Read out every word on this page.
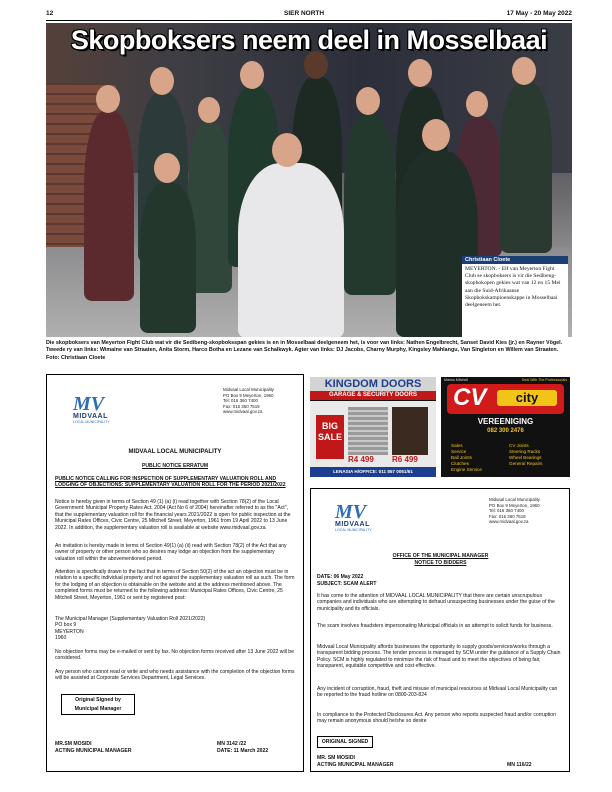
12	SIER NORTH	17 May - 20 May 2022
Skopboksers neem deel in Mosselbaai
Christiaan Cloete
MEYERTON. - Elf van Meyerton Fight Club se skopboksers is vir die Sedibeng-skopbokopen gekies wat van 12 en 15 Mei aan die Suid-Afrikaanse Skopbokskampioenskappe in Mosselbaai deelgeneem het.
Die skopboksers van Meyerton Fight Club wat vir die Sedibeng-skopboksspan gekies is en in Mosselbaai deelgeneem het, is voor van links: Nathen Engelbrecht, Sanset David Kies (jr.) en Rayner Vögel. Tweede ry van links: Wimaine van Straaten, Anita Storm, Harco Botha en Lezane van Schalkwyk. Agter van links: DJ Jacobs, Charny Murphy, Kingsley Mahlangu, Van Singleton en Willem van Straaten. Foto: Christiaan Cloete
MV
MIDVAAL
LOCAL MUNICIPALITY
Midvaal Local Municipality
PO Box 9 Meyerton, 1960
Tel: 016 360 7400
Fax: 016 360 7519
www.midvaal.gov.za
MIDVAAL LOCAL MUNICIPALITY
PUBLIC NOTICE ERRATUM
PUBLIC NOTICE CALLING FOR INSPECTION OF SUPPLEMENTARY VALUATION ROLL AND LODGING OF OBJECTIONS: SUPPLEMENTARY VALUATION ROLL FOR THE PERIOD 2021/2022
Notice is hereby given in terms of Section 49 (1) (a) (i) read together with Section 78(2) of the Local Government: Municipal Property Rates Act, 2004 (Act No 6 of 2004) hereinafter referred to as the "Act", that the supplementary valuation roll for the financial years 2021/2022 is open for public inspection at the Municipal Rates Offices, Civic Centre, 25 Mitchell Street, Meyerton, 1961 from 19 April 2022 to 13 June 2022. In addition, the supplementary valuation roll is available at website www.midvaal.gov.za
An invitation is hereby made in terms of Section 49(1) (a) (ii) read with Section 78(2) of the Act that any owner of property or other person who so desires may lodge an objection from the supplementary valuation roll within the abovementioned period.
Attention is specifically drawn to the fact that in terms of Section 50(2) of the act an objection must be in relation to a specific individual property and not against the supplementary valuation roll as such. The form for the lodging of an objection is obtainable on the website and at the address mentioned above. The completed forms must be returned to the following address: Municipal Rates Offices, Civic Centre, 25 Mitchell Street, Meyerton, 1961 or sent by registered post:
The Municipal Manager (Supplementary Valuation Roll 2021/2022)
PO box 9
MEYERTON
1960
No objection forms may be e-mailed or sent by fax. No objection forms received after 13 June 2022 will be considered.
Any person who cannot read or write and who needs assistance with the completion of the objection forms will be assisted at Corporate Services Department, Legal Services.
Original Signed by
Municipal Manager
MR.SM MOSIDI
ACTING MUNICIPAL MANAGER
MN 3142 /22
DATE: 11 March 2022
KINGDOM DOORS
GARAGE & SECURITY DOORS
BIG SALE
R4 499 R6 499
LENASIA H/OFFICE: 011 857 0051/61
Marius Mitchell	Deal With The Professionals
CV	city
VEREENIGING
082 300 2476
Sales
Service
Ball Joints
Clutches
Engine Service
CV Joints
Steering Racks
Wheel Bearings
General Repairs
MV
MIDVAAL
LOCAL MUNICIPALITY
Midvaal Local Municipality
PO Box 9 Meyerton, 1960
Tel: 016 360 7400
Fax: 016 360 7519
www.midvaal.gov.za
OFFICE OF THE MUNICIPAL MANAGER
NOTICE TO BIDDERS
DATE: 06 May 2022
SUBJECT: SCAM ALERT
It has come to the attention of MIDVAAL LOCAL MUNICIPALITY that there are certain unscrupulous companies and individuals who are attempting to defraud unsuspecting businesses under the guise of the municipality and its officials.
The scam involves fraudsters impersonating Municipal officials in an attempt to solicit funds for business.
Midvaal Local Municipality affords businesses the opportunity to supply goods/services/works through a transparent bidding process. The tender process is managed by SCM under the guidance of a Supply Chain Policy. SCM is highly regulated to minimize the risk of fraud and to meet the objectives of being fair, transparent, equitable competitive and cost effective.
Any incident of corruption, fraud, theft and misuse of municipal resources at Midvaal Local Municipality can be reported to the fraud hotline on 0800-203-824
In compliance to the Protected Disclosures Act. Any person who reports suspected fraud and/or corruption may remain anonymous should he/she so desire
ORIGINAL SIGNED
MR. SM MOSIDI
ACTING MUNICIPAL MANAGER	MN 116/22
